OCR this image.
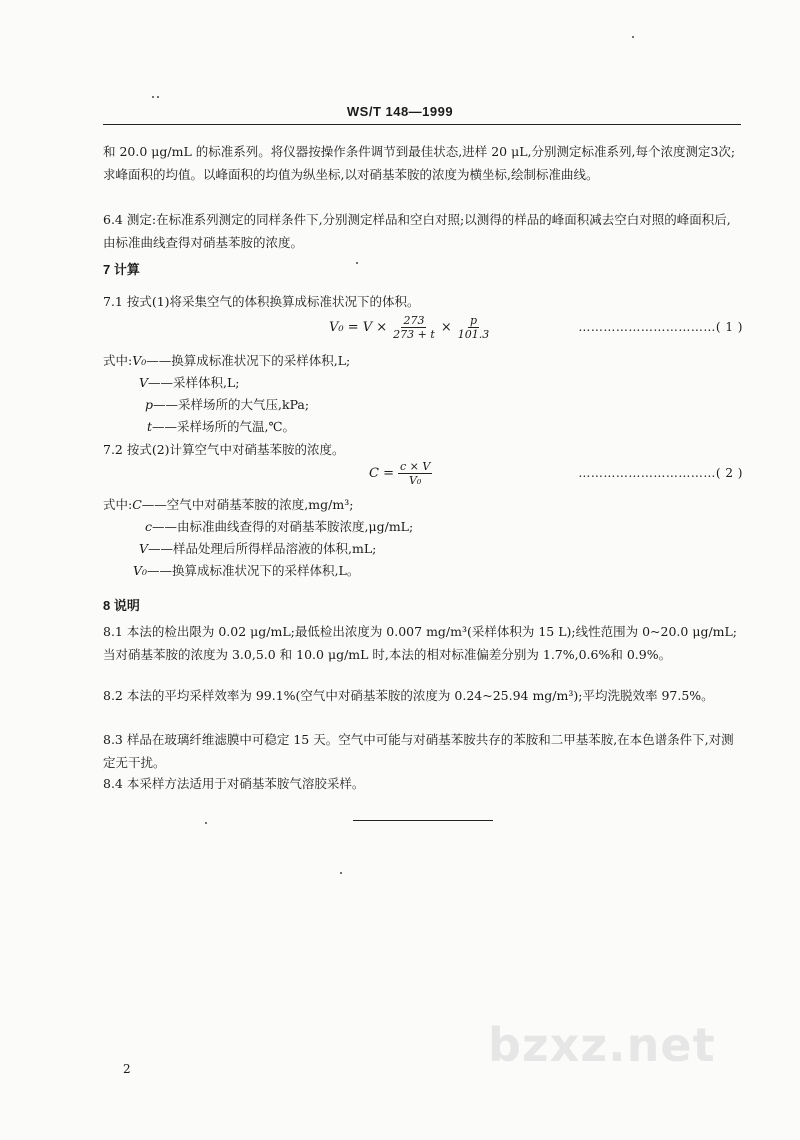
WS/T 148—1999
和 20.0 μg/mL 的标准系列。将仪器按操作条件调节到最佳状态,进样 20 μL,分别测定标准系列,每个浓度测定3次;求峰面积的均值。以峰面积的均值为纵坐标,以对硝基苯胺的浓度为横坐标,绘制标准曲线。
6.4 测定:在标准系列测定的同样条件下,分别测定样品和空白对照;以测得的样品的峰面积减去空白对照的峰面积后,由标准曲线查得对硝基苯胺的浓度。
7 计算
7.1 按式(1)将采集空气的体积换算成标准状况下的体积。
$V_0 = V \times \frac{273}{273 + t} \times \frac{p}{101.3}$	……………………………( 1 )
式中:V₀——换算成标准状况下的采样体积,L;
V——采样体积,L;
p——采样场所的大气压,kPa;
t——采样场所的气温,℃。
7.2 按式(2)计算空气中对硝基苯胺的浓度。
$C = \frac{c \times V}{\text{V₀}}$	……………………………( 2 )
式中:C——空气中对硝基苯胺的浓度,mg/m³;
c——由标准曲线查得的对硝基苯胺浓度,μg/mL;
V——样品处理后所得样品溶液的体积,mL;
V₀——换算成标准状况下的采样体积,L。
8 说明
8.1 本法的检出限为 0.02 μg/mL;最低检出浓度为 0.007 mg/m³(采样体积为 15 L);线性范围为 0~20.0 μg/mL;当对硝基苯胺的浓度为 3.0,5.0 和 10.0 μg/mL 时,本法的相对标准偏差分别为 1.7%,0.6%和 0.9%。
8.2 本法的平均采样效率为 99.1%(空气中对硝基苯胺的浓度为 0.24~25.94 mg/m³);平均洗脱效率 97.5%。
8.3 样品在玻璃纤维滤膜中可稳定 15 天。空气中可能与对硝基苯胺共存的苯胺和二甲基苯胺,在本色谱条件下,对测定无干扰。
8.4 本采样方法适用于对硝基苯胺气溶胶采样。
bzxz.net
2
